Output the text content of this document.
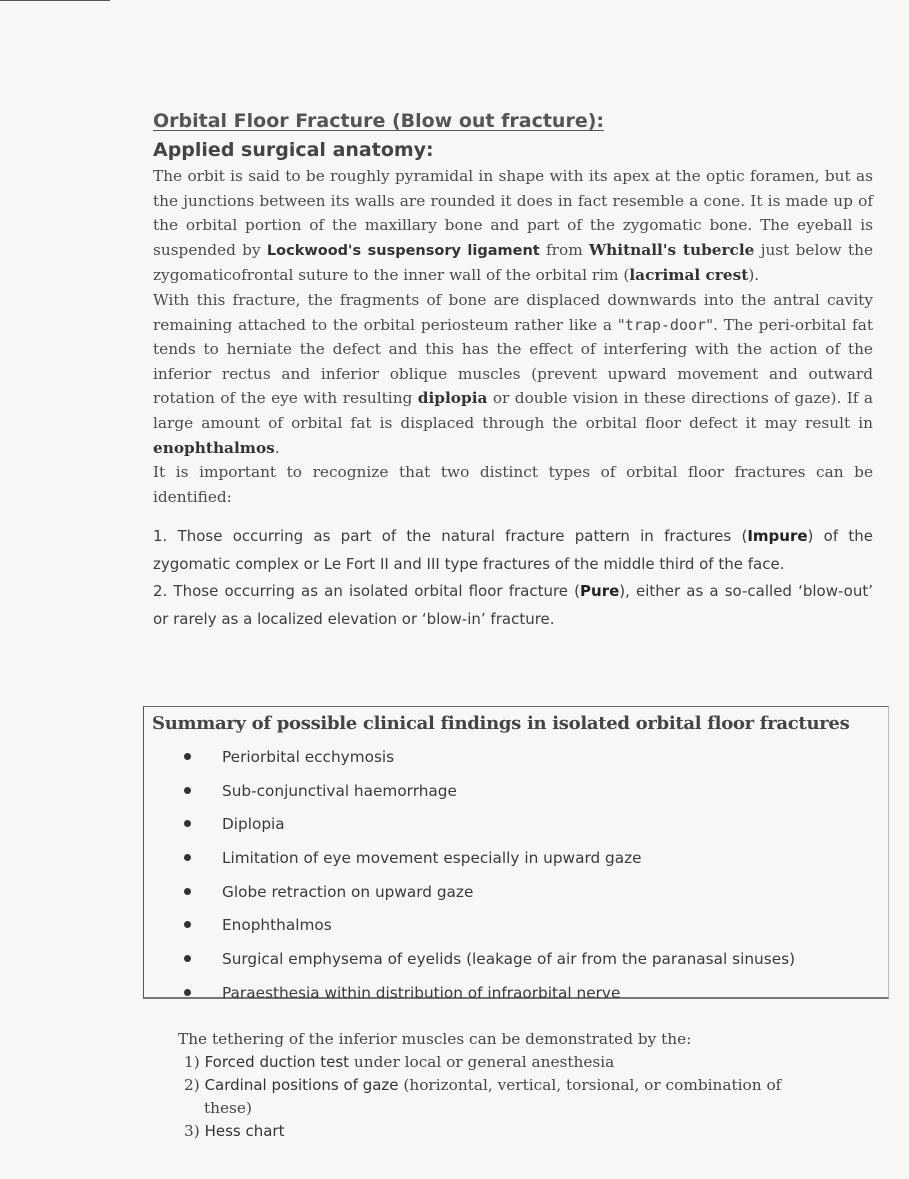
Orbital Floor Fracture (Blow out fracture):
Applied surgical anatomy:

The orbit is said to be roughly pyramidal in shape with its apex at the optic foramen, but as the junctions between its walls are rounded it does in fact resemble a cone. It is made up of the orbital portion of the maxillary bone and part of the zygomatic bone. The eyeball is suspended by Lockwood's suspensory ligament from Whitnall's tubercle just below the zygomaticofrontal suture to the inner wall of the orbital rim (lacrimal crest).

With this fracture, the fragments of bone are displaced downwards into the antral cavity remaining attached to the orbital periosteum rather like a "trap-door". The peri-orbital fat tends to herniate the defect and this has the effect of interfering with the action of the inferior rectus and inferior oblique muscles (prevent upward movement and outward rotation of the eye with resulting diplopia or double vision in these directions of gaze). If a large amount of orbital fat is displaced through the orbital floor defect it may result in enophthalmos.

It is important to recognize that two distinct types of orbital floor fractures can be identified:

1. Those occurring as part of the natural fracture pattern in fractures (Impure) of the zygomatic complex or Le Fort II and III type fractures of the middle third of the face.

2. Those occurring as an isolated orbital floor fracture (Pure), either as a so-called ‘blow-out’ or rarely as a localized elevation or ‘blow-in’ fracture.

Summary of possible clinical findings in isolated orbital floor fractures
Periorbital ecchymosis
Sub-conjunctival haemorrhage
Diplopia
Limitation of eye movement especially in upward gaze
Globe retraction on upward gaze
Enophthalmos
Surgical emphysema of eyelids (leakage of air from the paranasal sinuses)
Paraesthesia within distribution of infraorbital nerve

The tethering of the inferior muscles can be demonstrated by the:

1) Forced duction test under local or general anesthesia
2) Cardinal positions of gaze (horizontal, vertical, torsional, or combination of
these)
3) Hess chart
